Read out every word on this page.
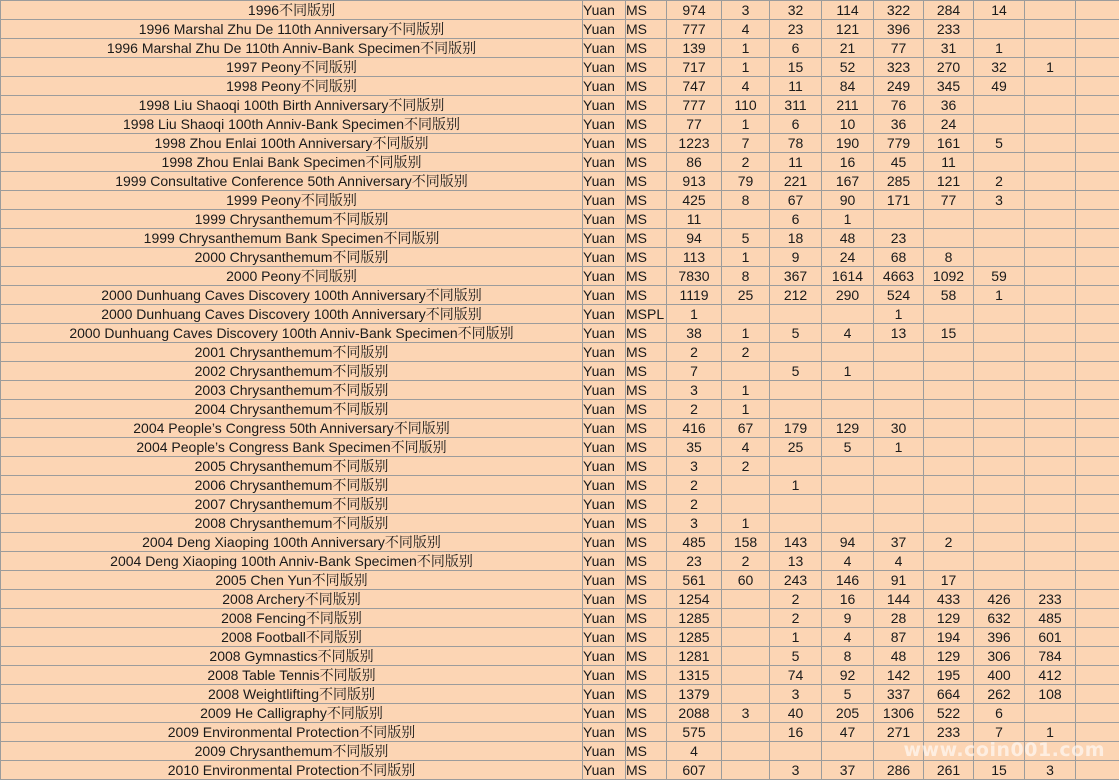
1996不同版别	Yuan	MS	974	3	32	114	322	284	14		
1996 Marshal Zhu De 110th Anniversary不同版别	Yuan	MS	777	4	23	121	396	233			
1996 Marshal Zhu De 110th Anniv-Bank Specimen不同版别	Yuan	MS	139	1	6	21	77	31	1		
1997 Peony不同版别	Yuan	MS	717	1	15	52	323	270	32	1	
1998 Peony不同版别	Yuan	MS	747	4	11	84	249	345	49		
1998 Liu Shaoqi 100th Birth Anniversary不同版别	Yuan	MS	777	110	311	211	76	36			
1998 Liu Shaoqi 100th Anniv-Bank Specimen不同版别	Yuan	MS	77	1	6	10	36	24			
1998 Zhou Enlai 100th Anniversary不同版别	Yuan	MS	1223	7	78	190	779	161	5		
1998 Zhou Enlai Bank Specimen不同版别	Yuan	MS	86	2	11	16	45	11			
1999 Consultative Conference 50th Anniversary不同版别	Yuan	MS	913	79	221	167	285	121	2		
1999 Peony不同版别	Yuan	MS	425	8	67	90	171	77	3		
1999 Chrysanthemum不同版别	Yuan	MS	11		6	1					
1999 Chrysanthemum Bank Specimen不同版别	Yuan	MS	94	5	18	48	23				
2000 Chrysanthemum不同版别	Yuan	MS	113	1	9	24	68	8			
2000 Peony不同版别	Yuan	MS	7830	8	367	1614	4663	1092	59		
2000 Dunhuang Caves Discovery 100th Anniversary不同版别	Yuan	MS	1119	25	212	290	524	58	1		
2000 Dunhuang Caves Discovery 100th Anniversary不同版别	Yuan	MSPL	1				1				
2000 Dunhuang Caves Discovery 100th Anniv-Bank Specimen不同版别	Yuan	MS	38	1	5	4	13	15			
2001 Chrysanthemum不同版别	Yuan	MS	2	2							
2002 Chrysanthemum不同版别	Yuan	MS	7		5	1					
2003 Chrysanthemum不同版别	Yuan	MS	3	1							
2004 Chrysanthemum不同版别	Yuan	MS	2	1							
2004 People’s Congress 50th Anniversary不同版别	Yuan	MS	416	67	179	129	30				
2004 People’s Congress Bank Specimen不同版别	Yuan	MS	35	4	25	5	1				
2005 Chrysanthemum不同版别	Yuan	MS	3	2							
2006 Chrysanthemum不同版别	Yuan	MS	2		1						
2007 Chrysanthemum不同版别	Yuan	MS	2								
2008 Chrysanthemum不同版别	Yuan	MS	3	1							
2004 Deng Xiaoping 100th Anniversary不同版别	Yuan	MS	485	158	143	94	37	2			
2004 Deng Xiaoping 100th Anniv-Bank Specimen不同版别	Yuan	MS	23	2	13	4	4				
2005 Chen Yun不同版别	Yuan	MS	561	60	243	146	91	17			
2008 Archery不同版别	Yuan	MS	1254		2	16	144	433	426	233	
2008 Fencing不同版别	Yuan	MS	1285		2	9	28	129	632	485	
2008 Football不同版别	Yuan	MS	1285		1	4	87	194	396	601	
2008 Gymnastics不同版别	Yuan	MS	1281		5	8	48	129	306	784	
2008 Table Tennis不同版别	Yuan	MS	1315		74	92	142	195	400	412	
2008 Weightlifting不同版别	Yuan	MS	1379		3	5	337	664	262	108	
2009 He Calligraphy不同版别	Yuan	MS	2088	3	40	205	1306	522	6		
2009 Environmental Protection不同版别	Yuan	MS	575		16	47	271	233	7	1	
2009 Chrysanthemum不同版别	Yuan	MS	4								
2010 Environmental Protection不同版别	Yuan	MS	607		3	37	286	261	15	3	
www.coin001.com
